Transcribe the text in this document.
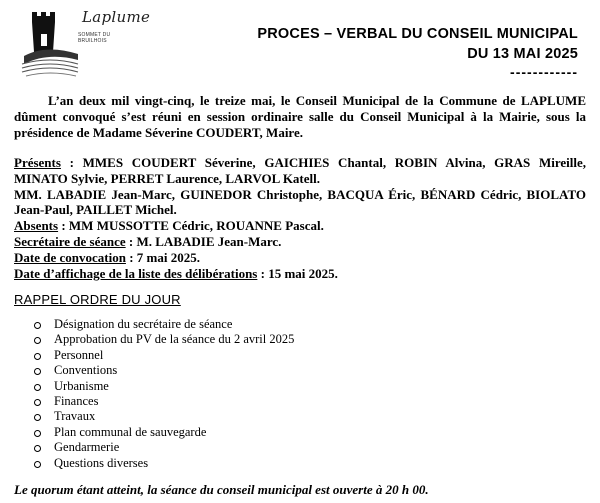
Laplume
SOMMET DU BRUILHOIS	PROCES – VERBAL DU CONSEIL MUNICIPAL
DU 13 MAI 2025
------------
L’an deux mil vingt-cinq, le treize mai, le Conseil Municipal de la Commune de LAPLUME dûment convoqué s’est réuni en session ordinaire salle du Conseil Municipal à la Mairie, sous la présidence de Madame Séverine COUDERT, Maire.
Présents : MMES COUDERT Séverine, GAICHIES Chantal, ROBIN Alvina, GRAS Mireille, MINATO Sylvie, PERRET Laurence, LARVOL Katell.
MM. LABADIE Jean-Marc, GUINEDOR Christophe, BACQUA Éric, BÉNARD Cédric, BIOLATO Jean-Paul, PAILLET Michel.
Absents : MM MUSSOTTE Cédric, ROUANNE Pascal.
Secrétaire de séance : M. LABADIE Jean-Marc.
Date de convocation : 7 mai 2025.
Date d’affichage de la liste des délibérations : 15 mai 2025.
RAPPEL ORDRE DU JOUR
Désignation du secrétaire de séance
Approbation du PV de la séance du 2 avril 2025
Personnel
Conventions
Urbanisme
Finances
Travaux
Plan communal de sauvegarde
Gendarmerie
Questions diverses
Le quorum étant atteint, la séance du conseil municipal est ouverte à 20 h 00.
